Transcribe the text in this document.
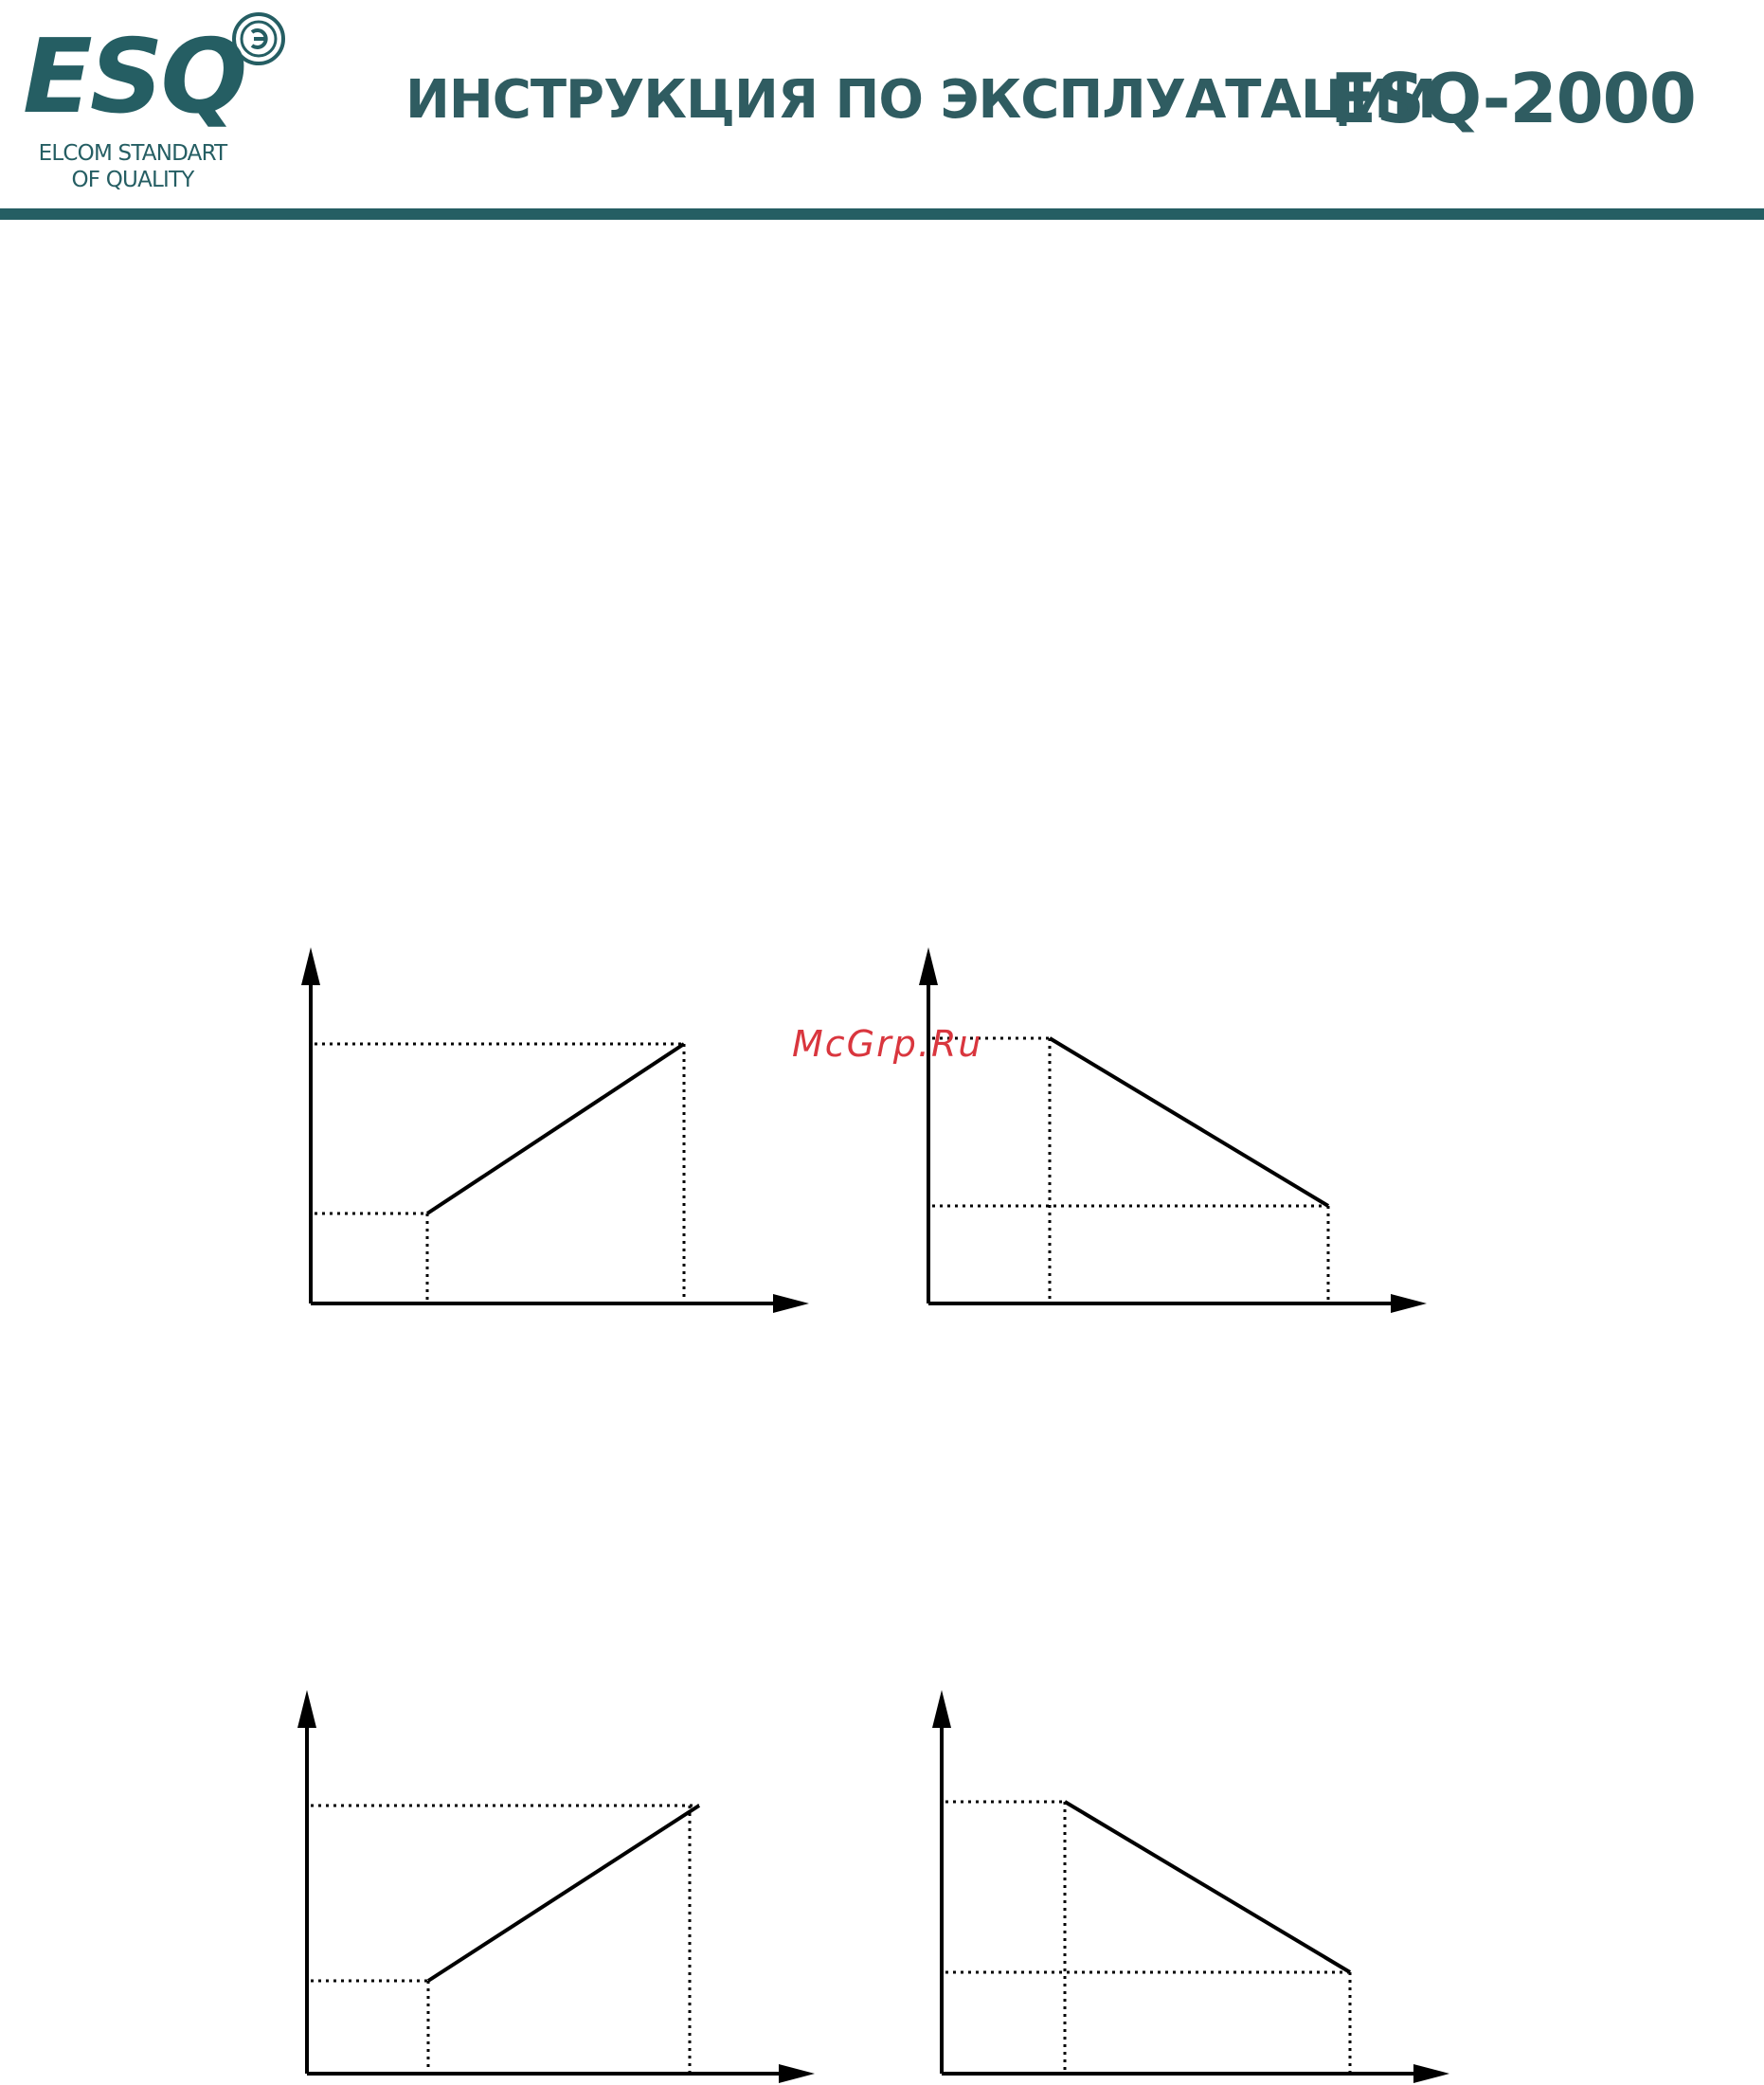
ESQ
ELCOM STANDART
OF QUALITY
ИНСТРУКЦИЯ ПО ЭКСПЛУАТАЦИИ
ESQ-2000
McGrp.Ru
